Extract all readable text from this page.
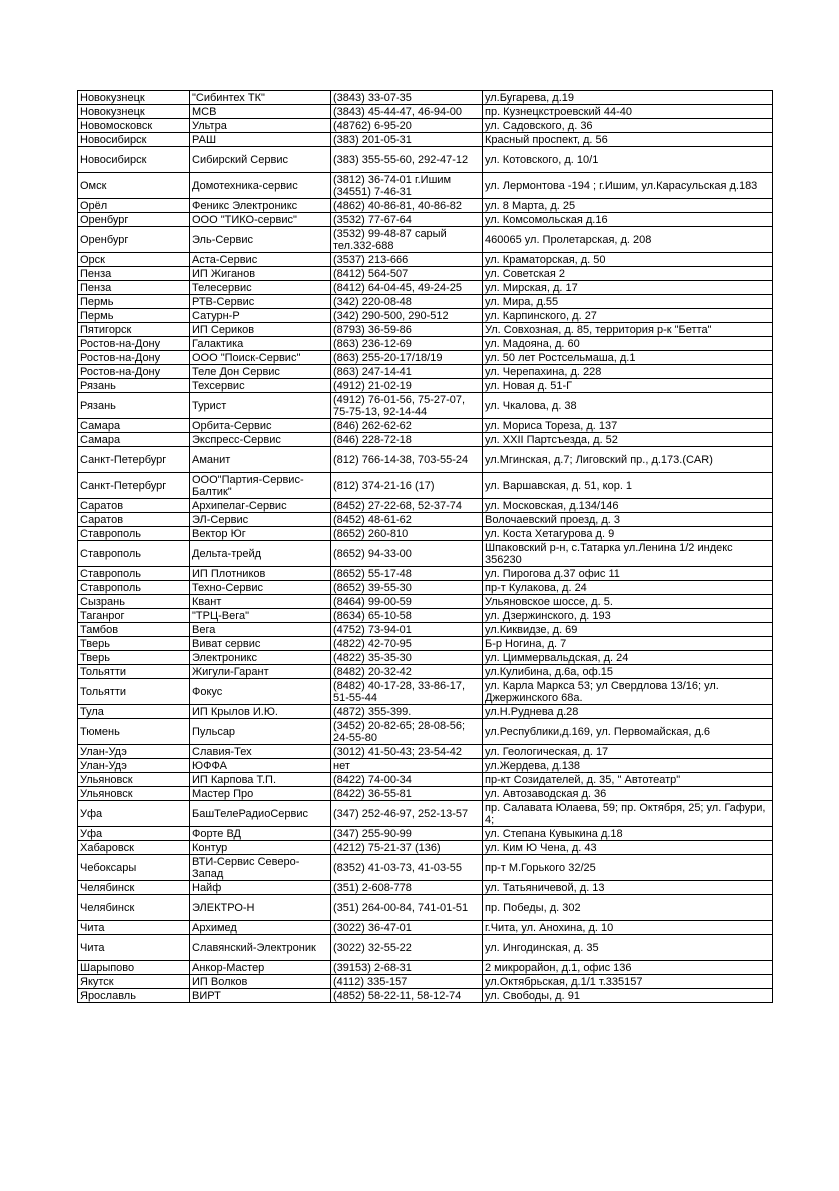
Новокузнецк	"Сибинтех ТК"	(3843) 33-07-35	ул.Бугарева, д.19
Новокузнецк	МСВ	(3843) 45-44-47, 46-94-00	пр. Кузнецкстроевский 44-40
Новомосковск	Ультра	(48762) 6-95-20	ул. Садовского, д. 36
Новосибирск	РАШ	(383) 201-05-31	Красный проспект, д. 56
Новосибирск	Сибирский Сервис	(383) 355-55-60, 292-47-12	ул. Котовского, д. 10/1
Омск	Домотехника-сервис	(3812) 36-74-01 г.Ишим (34551) 7-46-31	ул. Лермонтова -194 ; г.Ишим, ул.Карасульская д.183
Орёл	Феникс Электроникс	(4862) 40-86-81, 40-86-82	ул. 8 Марта, д. 25
Оренбург	ООО "ТИКО-сервис"	(3532) 77-67-64	ул. Комсомольская д.16
Оренбург	Эль-Сервис	(3532) 99-48-87 сарый тел.332-688	460065 ул. Пролетарская, д. 208
Орск	Аста-Сервис	(3537) 213-666	ул. Краматорская, д. 50
Пенза	ИП Жиганов	(8412) 564-507	ул. Советская 2
Пенза	Телесервис	(8412) 64-04-45, 49-24-25	ул. Мирская, д. 17
Пермь	РТВ-Сервис	(342) 220-08-48	ул. Мира, д.55
Пермь	Сатурн-Р	(342) 290-500, 290-512	ул. Карпинского, д. 27
Пятигорск	ИП Сериков	(8793) 36-59-86	Ул. Совхозная, д. 85, территория р-к "Бетта"
Ростов-на-Дону	Галактика	(863) 236-12-69	ул. Мадояна, д. 60
Ростов-на-Дону	ООО "Поиск-Сервис"	(863) 255-20-17/18/19	ул. 50 лет Ростсельмаша, д.1
Ростов-на-Дону	Теле Дон Сервис	(863) 247-14-41	ул. Черепахина, д. 228
Рязань	Техсервис	(4912) 21-02-19	ул. Новая д. 51-Г
Рязань	Турист	(4912) 76-01-56, 75-27-07, 75-75-13, 92-14-44	ул. Чкалова, д. 38
Самара	Орбита-Сервис	(846) 262-62-62	ул. Мориса Тореза, д. 137
Самара	Экспресс-Сервис	(846) 228-72-18	ул. XXII Партсъезда, д. 52
Санкт-Петербург	Аманит	(812) 766-14-38, 703-55-24	ул.Мгинская, д.7; Лиговский пр., д.173.(CAR)
Санкт-Петербург	ООО"Партия-Сервис-Балтик"	(812) 374-21-16 (17)	ул. Варшавская, д. 51, кор. 1
Саратов	Архипелаг-Сервис	(8452) 27-22-68, 52-37-74	ул. Московская, д.134/146
Саратов	ЭЛ-Сервис	(8452) 48-61-62	Волочаевский проезд, д. 3
Ставрополь	Вектор Юг	(8652) 260-810	ул. Коста Хетагурова д. 9
Ставрополь	Дельта-трейд	(8652) 94-33-00	Шпаковский р-н, с.Татарка ул.Ленина 1/2 индекс 356230
Ставрополь	ИП Плотников	(8652) 55-17-48	ул. Пирогова д.37 офис 11
Ставрополь	Техно-Сервис	(8652) 39-55-30	пр-т Кулакова, д. 24
Сызрань	Квант	(8464) 99-00-59	Ульяновское шоссе, д. 5.
Таганрог	"ТРЦ-Вега"	(8634) 65-10-58	ул. Дзержинского, д. 193
Тамбов	Вега	(4752) 73-94-01	ул.Киквидзе, д. 69
Тверь	Виват сервис	(4822) 42-70-95	Б-р Ногина, д. 7
Тверь	Электроникс	(4822) 35-35-30	ул. Циммервальдская, д. 24
Тольятти	Жигули-Гарант	(8482) 20-32-42	ул.Кулибина, д.6а, оф.15
Тольятти	Фокус	(8482) 40-17-28, 33-86-17, 51-55-44	ул. Карла Маркса 53; ул Свердлова 13/16; ул. Джержинского 68а.
Тула	ИП Крылов И.Ю.	(4872) 355-399.	ул.Н.Руднева д.28
Тюмень	Пульсар	(3452) 20-82-65; 28-08-56; 24-55-80	ул.Республики,д.169, ул. Первомайская, д.6
Улан-Удэ	Славия-Тех	(3012) 41-50-43; 23-54-42	ул. Геологическая, д. 17
Улан-Удэ	ЮФФА	нет	ул.Жердева, д.138
Ульяновск	ИП Карпова Т.П.	(8422) 74-00-34	пр-кт Созидателей, д. 35, " Автотеатр"
Ульяновск	Мастер Про	(8422) 36-55-81	ул. Автозаводская д. 36
Уфа	БашТелеРадиоСервис	(347) 252-46-97, 252-13-57	пр. Салавата Юлаева, 59; пр. Октября, 25; ул. Гафури, 4;
Уфа	Форте ВД	(347) 255-90-99	ул. Степана Кувыкина д.18
Хабаровск	Контур	(4212) 75-21-37 (136)	ул. Ким Ю Чена, д. 43
Чебоксары	ВТИ-Сервис Северо-Запад	(8352) 41-03-73, 41-03-55	пр-т М.Горького 32/25
Челябинск	Найф	(351) 2-608-778	ул. Татьяничевой, д. 13
Челябинск	ЭЛЕКТРО-Н	(351) 264-00-84, 741-01-51	пр. Победы, д. 302
Чита	Архимед	(3022) 36-47-01	г.Чита, ул. Анохина, д. 10
Чита	Славянский-Электроник	(3022) 32-55-22	ул. Ингодинская, д. 35
Шарыпово	Анкор-Мастер	(39153) 2-68-31	2 микрорайон, д.1, офис 136
Якутск	ИП Волков	(4112) 335-157	ул.Октябрьская, д.1/1 т.335157
Ярославль	ВИРТ	(4852) 58-22-11, 58-12-74	ул. Свободы, д. 91
